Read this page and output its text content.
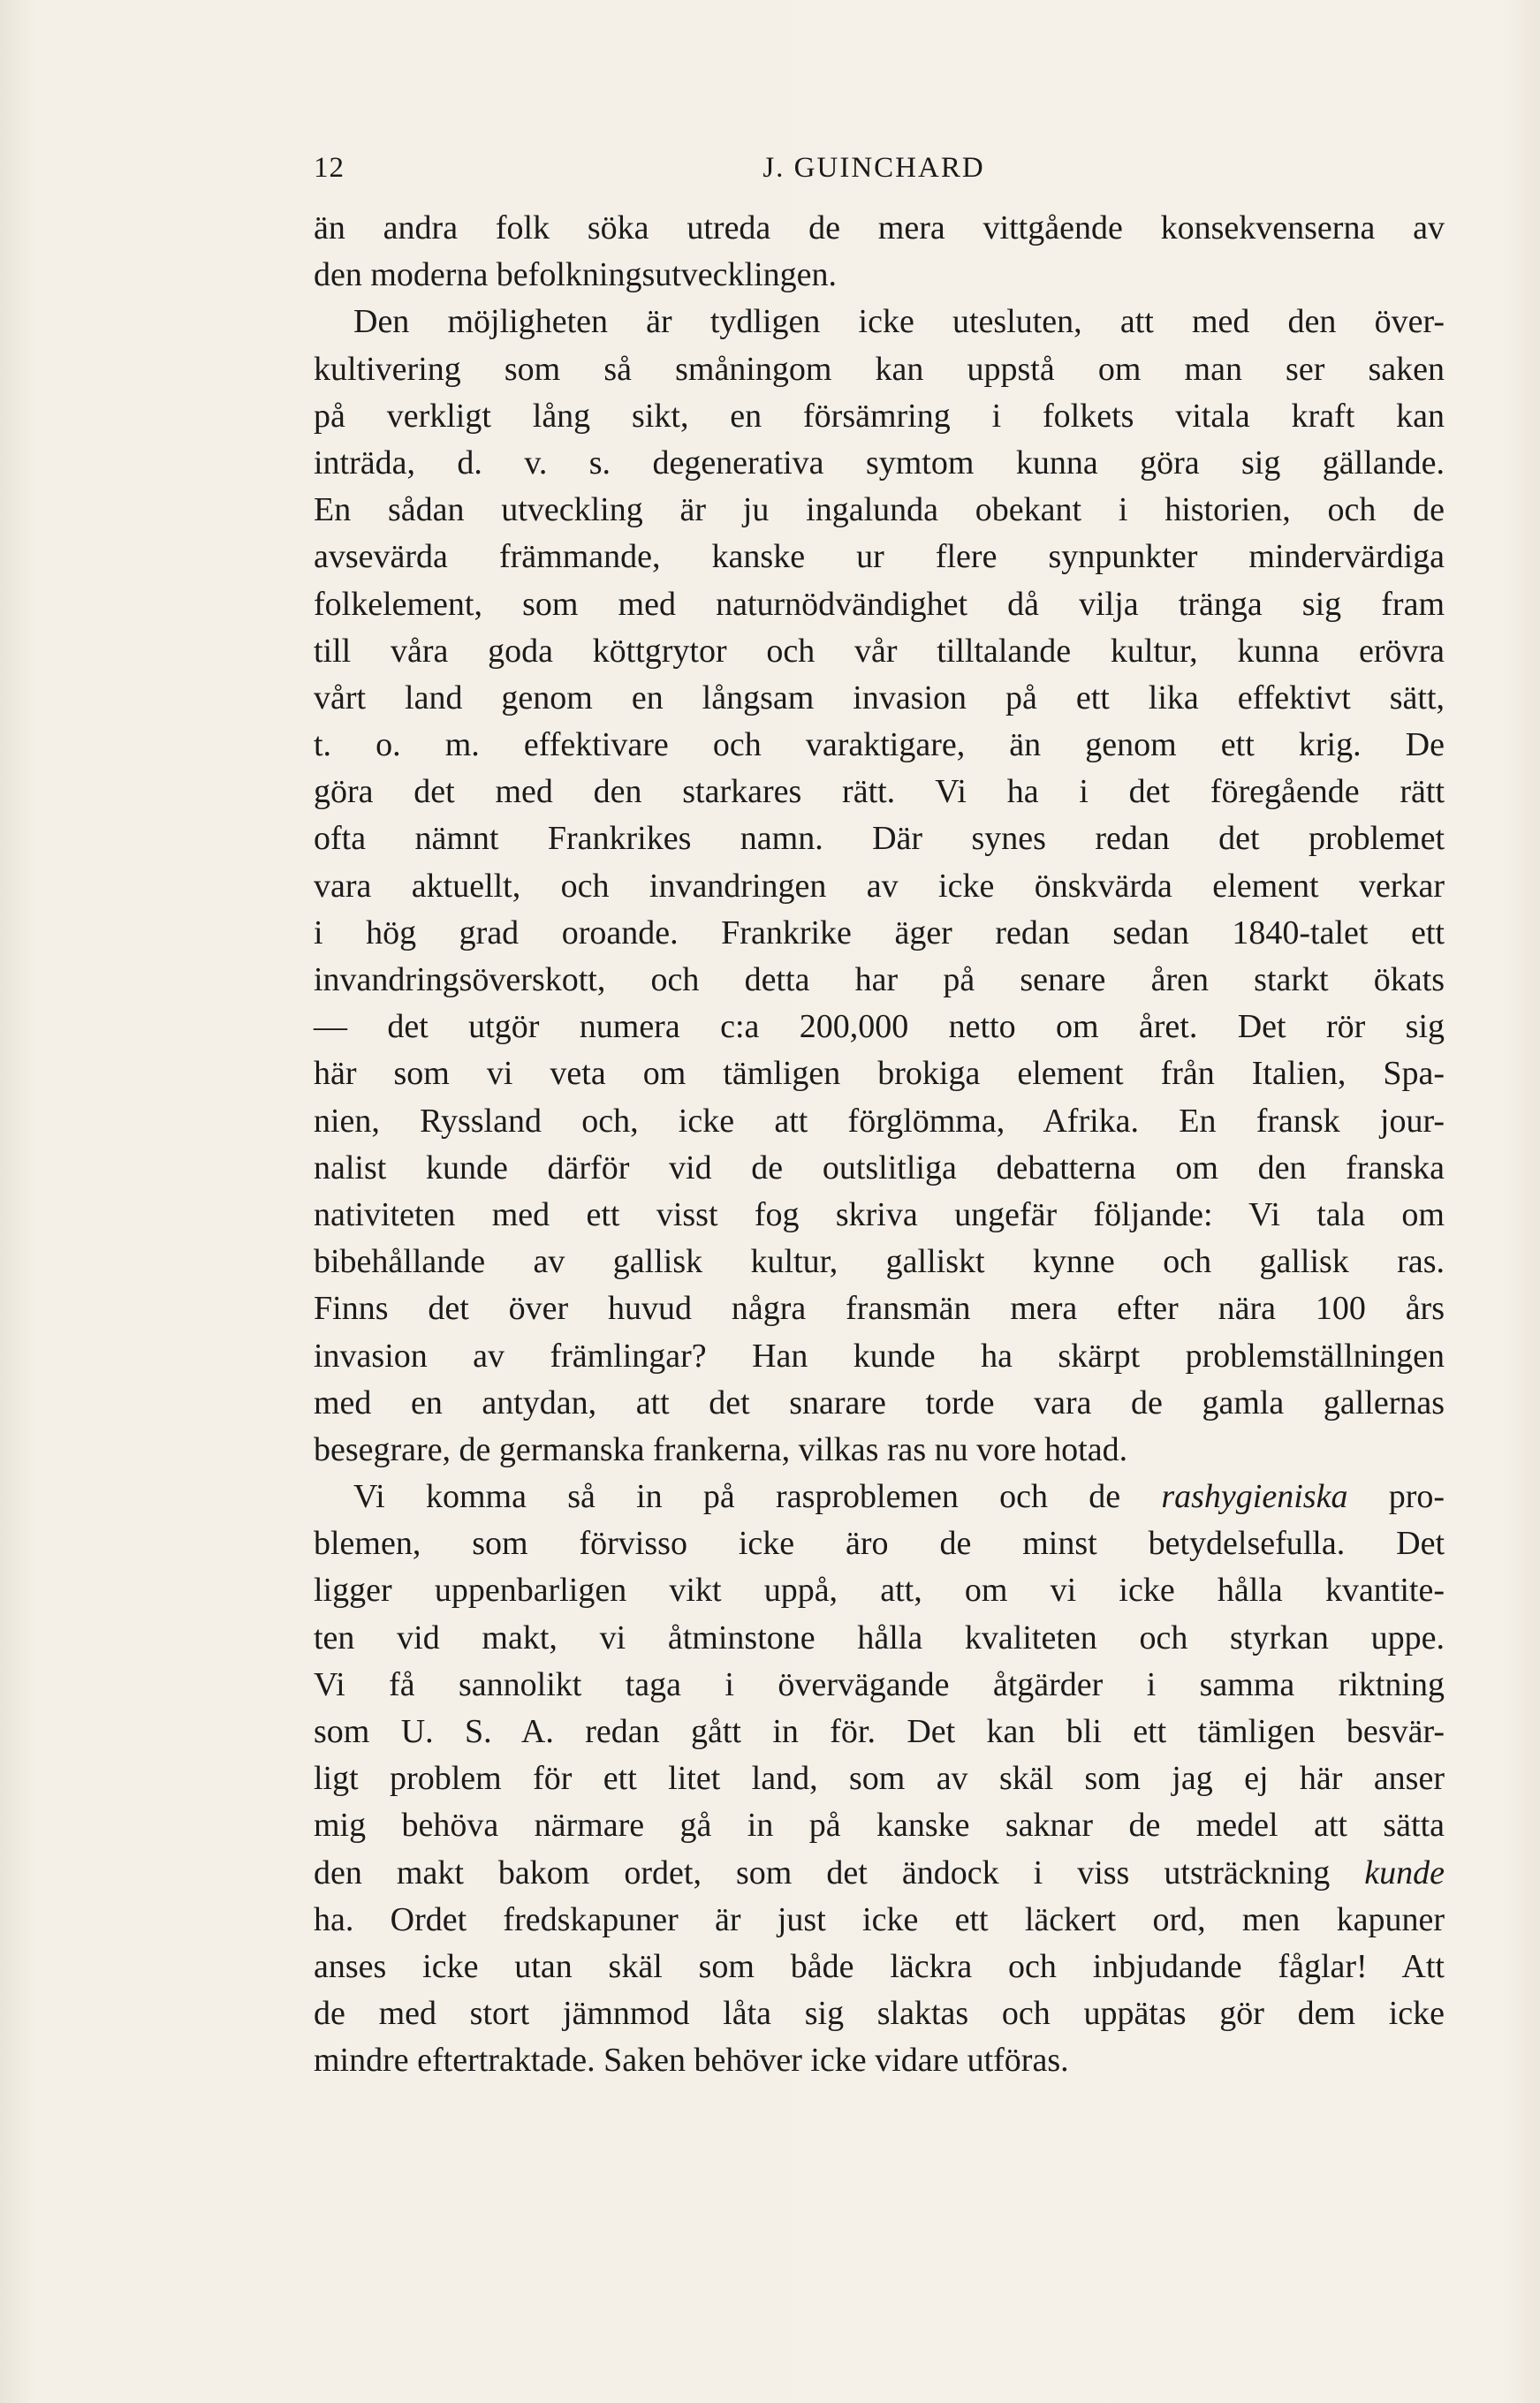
12	J. GUINCHARD
än andra folk söka utreda de mera vittgående konsekvenserna av
den moderna befolkningsutvecklingen.
Den möjligheten är tydligen icke utesluten, att med den över-
kultivering som så småningom kan uppstå om man ser saken
på verkligt lång sikt, en försämring i folkets vitala kraft kan
inträda, d. v. s. degenerativa symtom kunna göra sig gällande.
En sådan utveckling är ju ingalunda obekant i historien, och de
avsevärda främmande, kanske ur flere synpunkter mindervärdiga
folkelement, som med naturnödvändighet då vilja tränga sig fram
till våra goda köttgrytor och vår tilltalande kultur, kunna erövra
vårt land genom en långsam invasion på ett lika effektivt sätt,
t. o. m. effektivare och varaktigare, än genom ett krig. De
göra det med den starkares rätt. Vi ha i det föregående rätt
ofta nämnt Frankrikes namn. Där synes redan det problemet
vara aktuellt, och invandringen av icke önskvärda element verkar
i hög grad oroande. Frankrike äger redan sedan 1840-talet ett
invandringsöverskott, och detta har på senare åren starkt ökats
— det utgör numera c:a 200,000 netto om året. Det rör sig
här som vi veta om tämligen brokiga element från Italien, Spa-
nien, Ryssland och, icke att förglömma, Afrika. En fransk jour-
nalist kunde därför vid de outslitliga debatterna om den franska
nativiteten med ett visst fog skriva ungefär följande: Vi tala om
bibehållande av gallisk kultur, galliskt kynne och gallisk ras.
Finns det över huvud några fransmän mera efter nära 100 års
invasion av främlingar? Han kunde ha skärpt problemställningen
med en antydan, att det snarare torde vara de gamla gallernas
besegrare, de germanska frankerna, vilkas ras nu vore hotad.
Vi komma så in på rasproblemen och de rashygieniska pro-
blemen, som förvisso icke äro de minst betydelsefulla. Det
ligger uppenbarligen vikt uppå, att, om vi icke hålla kvantite-
ten vid makt, vi åtminstone hålla kvaliteten och styrkan uppe.
Vi få sannolikt taga i övervägande åtgärder i samma riktning
som U. S. A. redan gått in för. Det kan bli ett tämligen besvär-
ligt problem för ett litet land, som av skäl som jag ej här anser
mig behöva närmare gå in på kanske saknar de medel att sätta
den makt bakom ordet, som det ändock i viss utsträckning kunde
ha. Ordet fredskapuner är just icke ett läckert ord, men kapuner
anses icke utan skäl som både läckra och inbjudande fåglar! Att
de med stort jämnmod låta sig slaktas och uppätas gör dem icke
mindre eftertraktade. Saken behöver icke vidare utföras.
